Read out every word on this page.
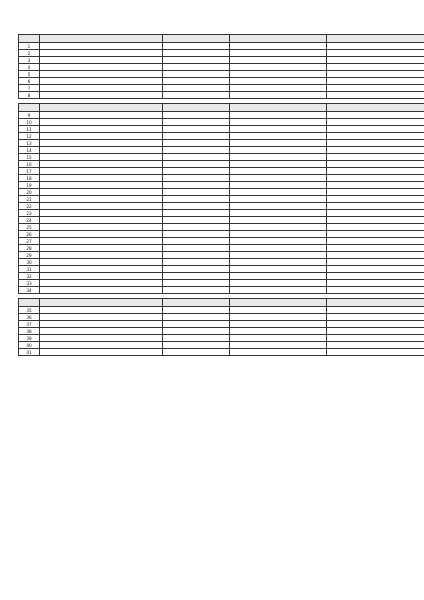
1				
2				
3				
4				
5				
6				
7				
8				

9				
10				
11				
12				
13				
14				
15				
16				
17				
18				
19				
20				
21				
22				
23				
24				
25				
26				
27				
28				
29				
30				
31				
32				
33				
34				

35				
36				
37				
38				
39				
40				
41				
